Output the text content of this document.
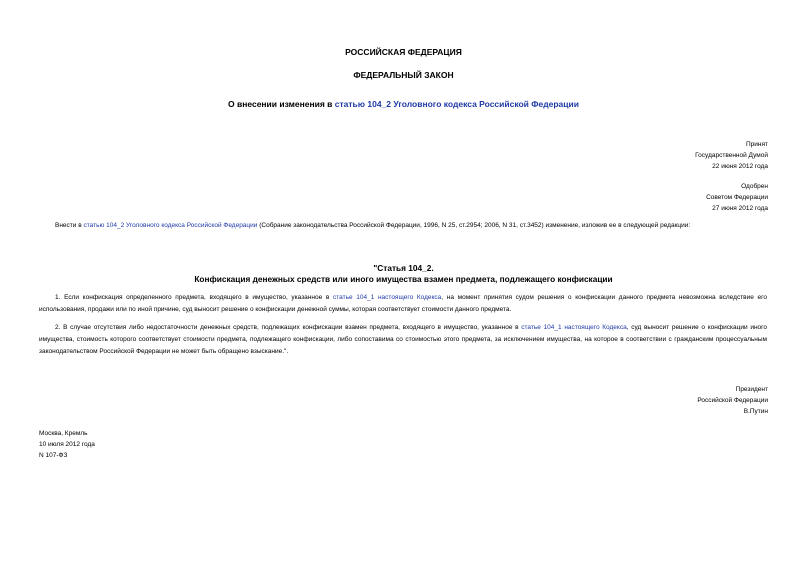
РОССИЙСКАЯ ФЕДЕРАЦИЯ
ФЕДЕРАЛЬНЫЙ ЗАКОН
О внесении изменения в статью 104_2 Уголовного кодекса Российской Федерации
Принят
Государственной Думой
22 июня 2012 года
Одобрен
Советом Федерации
27 июня 2012 года
Внести в статью 104_2 Уголовного кодекса Российской Федерации (Собрание законодательства Российской Федерации, 1996, N 25, ст.2954; 2006, N 31, ст.3452) изменение, изложив ее в следующей редакции:
"Статья 104_2.
Конфискация денежных средств или иного имущества взамен предмета, подлежащего конфискации
1. Если конфискация определенного предмета, входящего в имущество, указанное в статье 104_1 настоящего Кодекса, на момент принятия судом решения о конфискации данного предмета невозможна вследствие его использования, продажи или по иной причине, суд выносит решение о конфискации денежной суммы, которая соответствует стоимости данного предмета.
2. В случае отсутствия либо недостаточности денежных средств, подлежащих конфискации взамен предмета, входящего в имущество, указанное в статье 104_1 настоящего Кодекса, суд выносит решение о конфискации иного имущества, стоимость которого соответствует стоимости предмета, подлежащего конфискации, либо сопоставима со стоимостью этого предмета, за исключением имущества, на которое в соответствии с гражданским процессуальным законодательством Российской Федерации не может быть обращено взыскание.".
Президент
Российской Федерации
В.Путин
Москва, Кремль
10 июля 2012 года
N 107-ФЗ
